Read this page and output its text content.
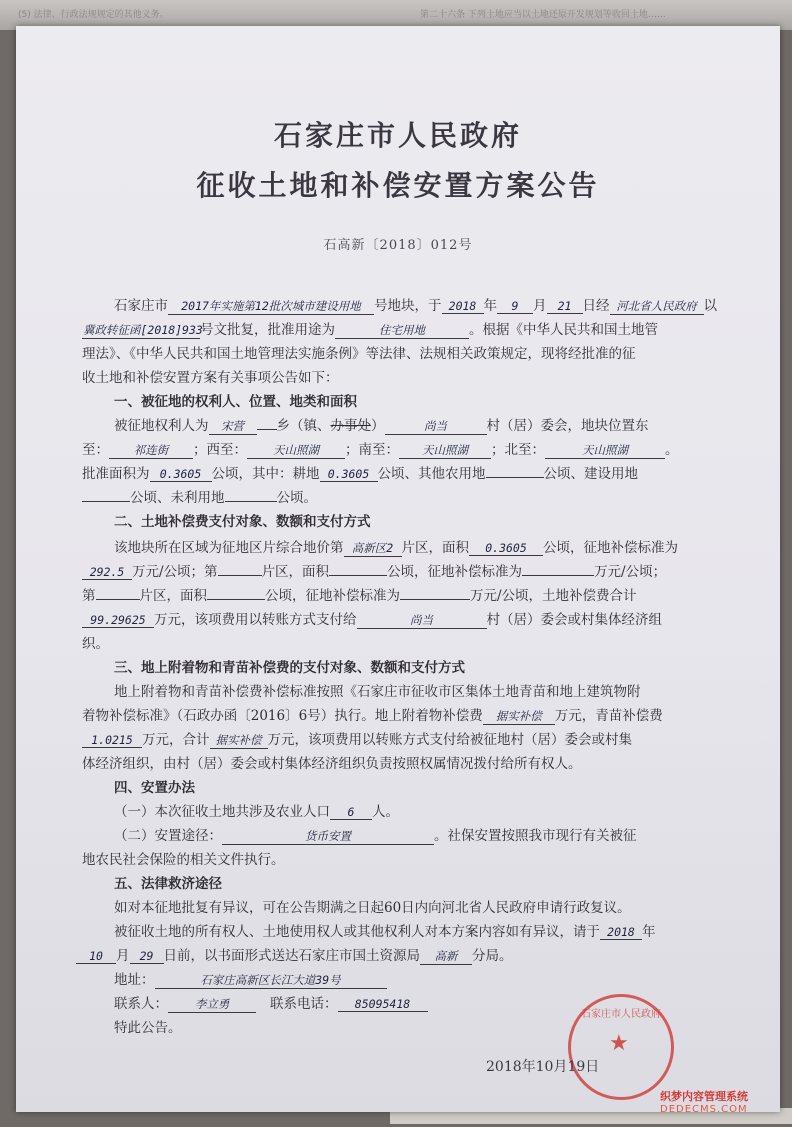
(5) 法律、行政法规规定的其他义务。	第二十六条 下列土地应当以土地还原开发规划等收回土地……
石家庄市人民政府
征收土地和补偿安置方案公告
石高新〔2018〕012号
石家庄市 2017年实施第12批次城市建设用地 号地块，于 2018 年 9 月 21 日经 河北省人民政府 以
冀政转征函[2018]933号文批复，批准用途为	住宅用地	。根据《中华人民共和国土地管
理法》、《中华人民共和国土地管理法实施条例》等法律、法规相关政策规定，现将经批准的征
收土地和补偿安置方案有关事项公告如下：
一、被征地的权利人、位置、地类和面积
被征地权利人为 宋营 乡（镇、办事处）	尚当	村（居）委会，地块位置东
至： 祁连街 ；西至： 天山照湖 ；南至： 天山照湖 ；北至：	天山照湖	。
批准面积为 0.3605 公顷，其中：耕地 0.3605 公顷、其他农用地	公顷、建设用地
公顷、未利用地	公顷。
二、土地补偿费支付对象、数额和支付方式
该地块所在区域为征地区片综合地价第 高新区2 片区，面积 0.3605 公顷，征地补偿标准为
292.5 万元/公顷；第	片区，面积	公顷，征地补偿标准为	万元/公顷；
第	片区，面积	公顷，征地补偿标准为	万元/公顷，土地补偿费合计
99.29625 万元，该项费用以转账方式支付给	尚当	村（居）委会或村集体经济组
织。
三、地上附着物和青苗补偿费的支付对象、数额和支付方式
地上附着物和青苗补偿费补偿标准按照《石家庄市征收市区集体土地青苗和地上建筑物附
着物补偿标准》（石政办函〔2016〕6号）执行。地上附着物补偿费 据实补偿 万元，青苗补偿费
1.0215 万元，合计 据实补偿 万元，该项费用以转账方式支付给被征地村（居）委会或村集
体经济组织，由村（居）委会或村集体经济组织负责按照权属情况拨付给所有权人。
四、安置办法
（一）本次征收土地共涉及农业人口 6 人。
（二）安置途径：	货币安置	。社保安置按照我市现行有关被征
地农民社会保险的相关文件执行。
五、法律救济途径
如对本征地批复有异议，可在公告期满之日起60日内向河北省人民政府申请行政复议。
被征收土地的所有权人、土地使用权人或其他权利人对本方案内容如有异议，请于 2018 年
10 月 29 日前，以书面形式送达石家庄市国土资源局 高新 分局。
地址：	石家庄高新区长江大道39号
联系人： 李立勇	联系电话： 85095418
特此公告。
石家庄市人民政府
★
2018年10月19日
织梦内容管理系统
DEDECMS.COM
